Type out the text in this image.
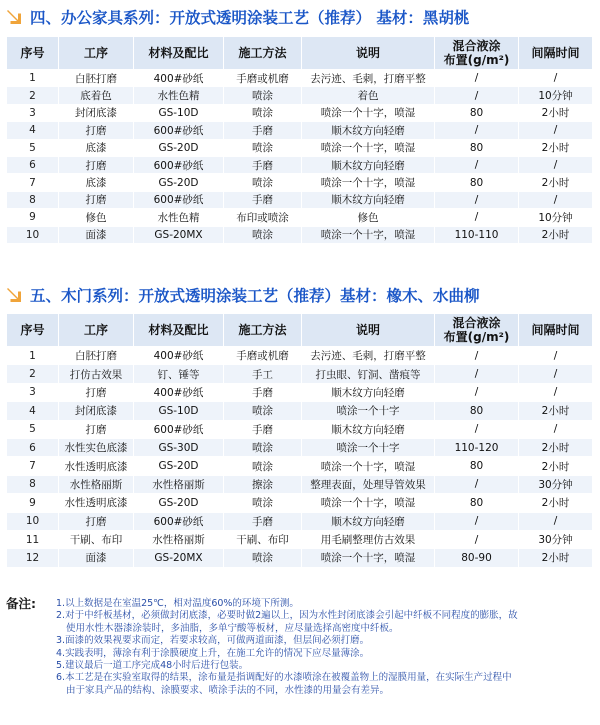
四、办公家具系列：开放式透明涂装工艺（推荐） 基材：黑胡桃
序号	工序	材料及配比	施工方法	说明	混合液涂
布置(g/m²)	间隔时间
1	白胚打磨	400#砂纸	手磨或机磨	去污迹、毛刺，打磨平整	/	/
2	底着色	水性色精	喷涂	着色	/	10分钟
3	封闭底漆	GS-10D	喷涂	喷涂一个十字，喷湿	80	2小时
4	打磨	600#砂纸	手磨	顺木纹方向轻磨	/	/
5	底漆	GS-20D	喷涂	喷涂一个十字，喷湿	80	2小时
6	打磨	600#砂纸	手磨	顺木纹方向轻磨	/	/
7	底漆	GS-20D	喷涂	喷涂一个十字，喷湿	80	2小时
8	打磨	600#砂纸	手磨	顺木纹方向轻磨	/	/
9	修色	水性色精	布印或喷涂	修色	/	10分钟
10	面漆	GS-20MX	喷涂	喷涂一个十字，喷湿	110-110	2小时
五、木门系列：开放式透明涂装工艺（推荐）基材：橡木、水曲柳
序号	工序	材料及配比	施工方法	说明	混合液涂
布置(g/m²)	间隔时间
1	白胚打磨	400#砂纸	手磨或机磨	去污迹、毛刺，打磨平整	/	/
2	打仿古效果	钉、锤等	手工	打虫眼、钉洞、凿痕等	/	/
3	打磨	400#砂纸	手磨	顺木纹方向轻磨	/	/
4	封闭底漆	GS-10D	喷涂	喷涂一个十字	80	2小时
5	打磨	600#砂纸	手磨	顺木纹方向轻磨	/	/
6	水性实色底漆	GS-30D	喷涂	喷涂一个十字	110-120	2小时
7	水性透明底漆	GS-20D	喷涂	喷涂一个十字，喷湿	80	2小时
8	水性格丽斯	水性格丽斯	擦涂	整理表面，处理导管效果	/	30分钟
9	水性透明底漆	GS-20D	喷涂	喷涂一个十字，喷湿	80	2小时
10	打磨	600#砂纸	手磨	顺木纹方向轻磨	/	/
11	干刷、布印	水性格丽斯	干刷、布印	用毛刷整理仿古效果	/	30分钟
12	面漆	GS-20MX	喷涂	喷涂一个十字，喷湿	80-90	2小时
备注: 1.以上数据是在室温25℃，相对温度60%的环境下所测。
2.对于中纤板基材，必须做封闭底漆，必要时做2遍以上，因为水性封闭底漆会引起中纤板不同程度的膨胀，故
使用水性木器漆涂装时，多油脂，多单宁酸等板材，应尽量选择高密度中纤板。
3.面漆的效果视要求而定，若要求较高，可做两道面漆，但层间必须打磨。
4.实践表明，薄涂有利于涂膜硬度上升，在施工允许的情况下应尽量薄涂。
5.建议最后一道工序完成48小时后进行包装。
6.本工艺是在实验室取得的结果，涂布量是指调配好的水漆喷涂在被覆盖物上的湿膜用量，在实际生产过程中
由于家具产品的结构、涂膜要求、喷涂手法的不同，水性漆的用量会有差异。
